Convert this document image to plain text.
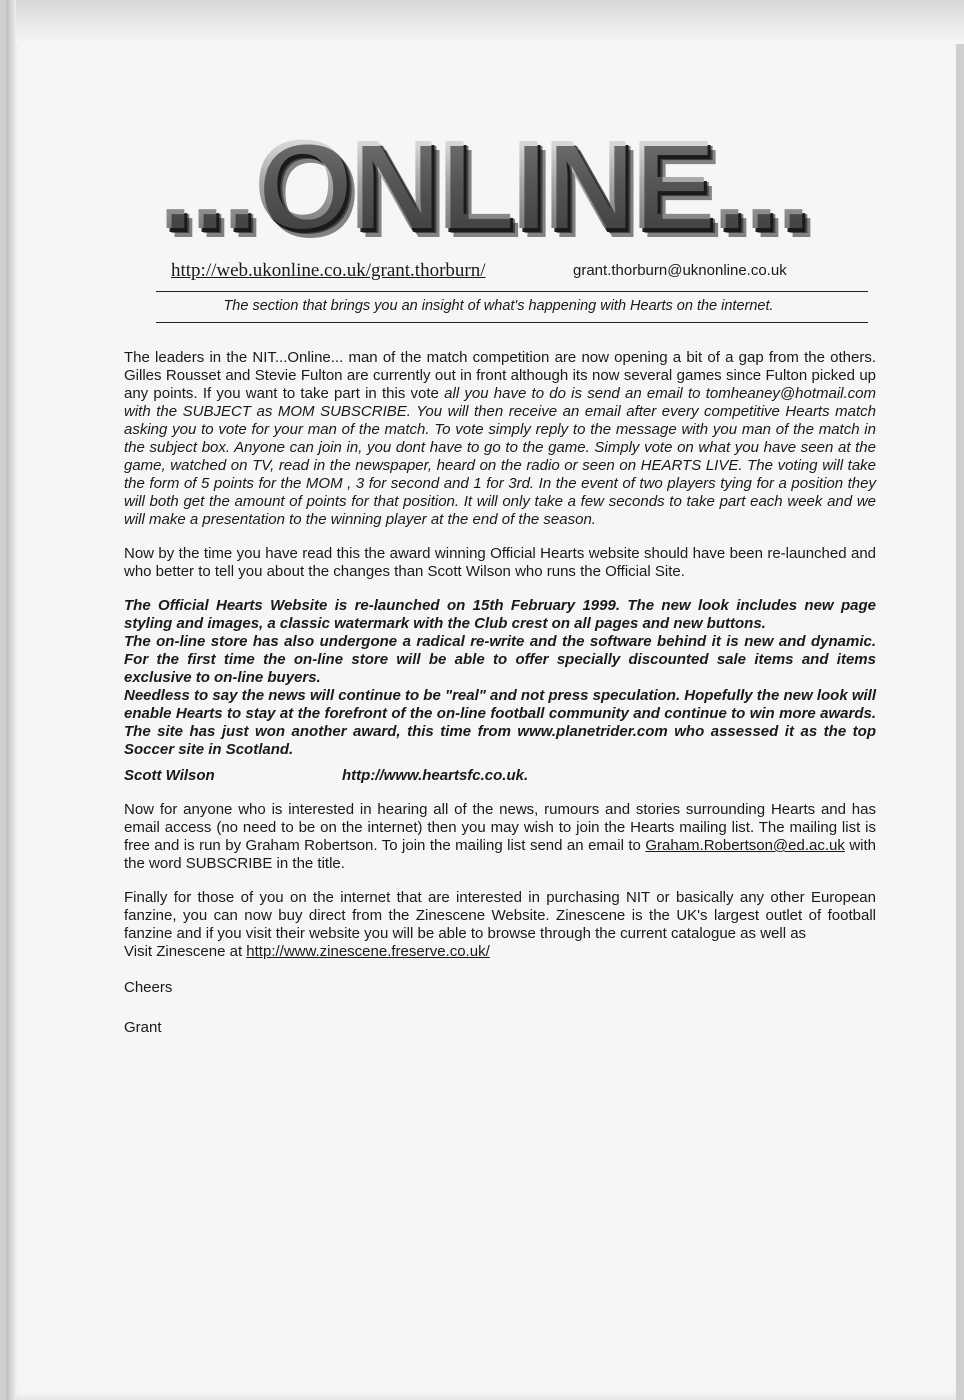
...ONLINE...
http://web.ukonline.co.uk/grant.thorburn/	grant.thorburn@uknonline.co.uk
The section that brings you an insight of what's happening with Hearts on the internet.

The leaders in the NIT...Online... man of the match competition are now opening a bit of a gap from the others. Gilles Rousset and Stevie Fulton are currently out in front although its now several games since Fulton picked up any points. If you want to take part in this vote all you have to do is send an email to tomheaney@hotmail.com with the SUBJECT as MOM SUBSCRIBE. You will then receive an email after every competitive Hearts match asking you to vote for your man of the match. To vote simply reply to the message with you man of the match in the subject box. Anyone can join in, you dont have to go to the game. Simply vote on what you have seen at the game, watched on TV, read in the newspaper, heard on the radio or seen on HEARTS LIVE. The voting will take the form of 5 points for the MOM , 3 for second and 1 for 3rd. In the event of two players tying for a position they will both get the amount of points for that position. It will only take a few seconds to take part each week and we will make a presentation to the winning player at the end of the season.

Now by the time you have read this the award winning Official Hearts website should have been re-launched and who better to tell you about the changes than Scott Wilson who runs the Official Site.

The Official Hearts Website is re-launched on 15th February 1999. The new look includes new page styling and images, a classic watermark with the Club crest on all pages and new buttons.
The on-line store has also undergone a radical re-write and the software behind it is new and dynamic. For the first time the on-line store will be able to offer specially discounted sale items and items exclusive to on-line buyers.
Needless to say the news will continue to be "real" and not press speculation. Hopefully the new look will enable Hearts to stay at the forefront of the on-line football community and continue to win more awards. The site has just won another award, this time from www.planetrider.com who assessed it as the top Soccer site in Scotland.
Scott Wilson	http://www.heartsfc.co.uk.

Now for anyone who is interested in hearing all of the news, rumours and stories surrounding Hearts and has email access (no need to be on the internet) then you may wish to join the Hearts mailing list. The mailing list is free and is run by Graham Robertson. To join the mailing list send an email to Graham.Robertson@ed.ac.uk with the word SUBSCRIBE in the title.

Finally for those of you on the internet that are interested in purchasing NIT or basically any other European fanzine, you can now buy direct from the Zinescene Website. Zinescene is the UK's largest outlet of football fanzine and if you visit their website you will be able to browse through the current catalogue as well as
Visit Zinescene at http://www.zinescene.freserve.co.uk/

Cheers
Grant
